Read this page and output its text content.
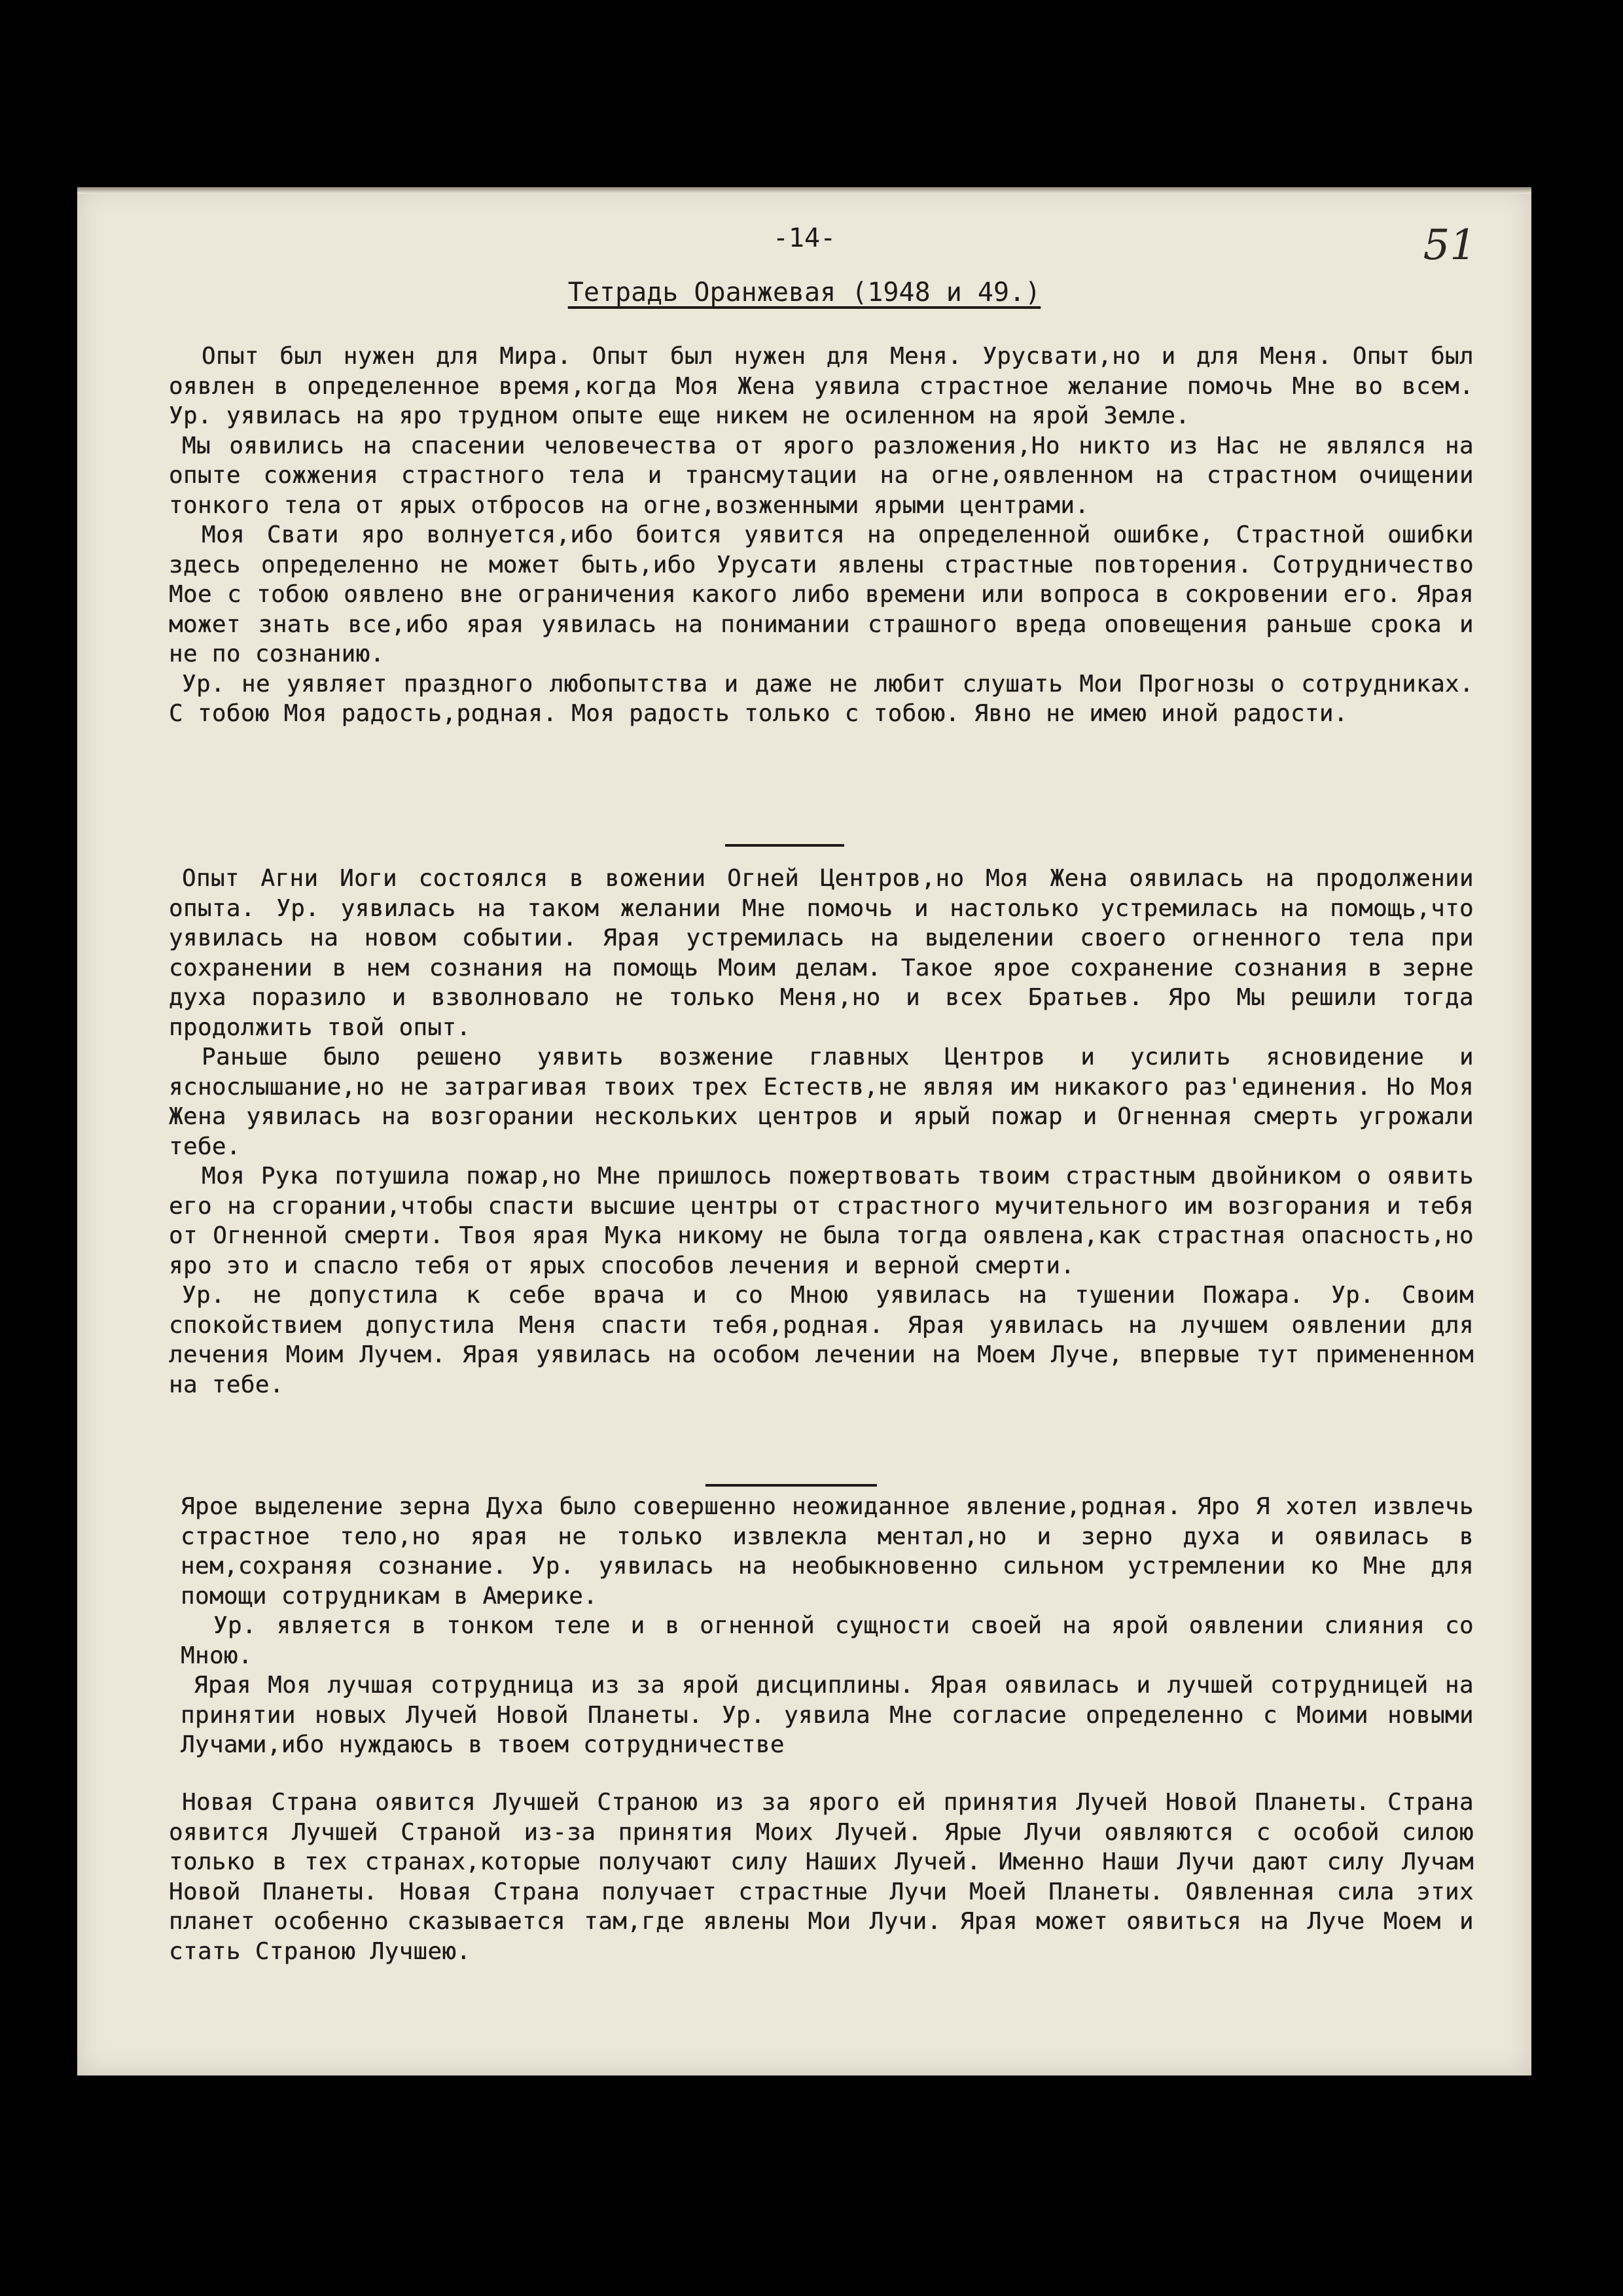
-14-	51
Тетрадь Оранжевая (1948 и 49.)

Опыт был нужен для Мира. Опыт был нужен для Меня. Урусвати,но и для Меня. Опыт был оявлен в определенное время,когда Моя Жена уявила страстное желание помочь Мне во всем. Ур. уявилась на яро трудном опыте еще никем не осиленном на ярой Земле.

Мы оявились на спасении человечества от ярого разложения,Но никто из Нас не являлся на опыте сожжения страстного тела и трансмутации на огне,оявленном на страстном очищении тонкого тела от ярых отбросов на огне,возженными ярыми центрами.

Моя Свати яро волнуется,ибо боится уявится на определенной ошибке, Страстной ошибки здесь определенно не может быть,ибо Урусати явлены страстные повторения. Сотрудничество Мое с тобою оявлено вне ограничения какого либо времени или вопроса в сокровении его. Ярая может знать все,ибо ярая уявилась на понимании страшного вреда оповещения раньше срока и не по сознанию.

Ур. не уявляет праздного любопытства и даже не любит слушать Мои Прогнозы о сотрудниках. С тобою Моя радость,родная. Моя радость только с тобою. Явно не имею иной радости.

Опыт Агни Иоги состоялся в вожении Огней Центров,но Моя Жена оявилась на продолжении опыта. Ур. уявилась на таком желании Мне помочь и настолько устремилась на помощь,что уявилась на новом событии. Ярая устремилась на выделении своего огненного тела при сохранении в нем сознания на помощь Моим делам. Такое ярое сохранение сознания в зерне духа поразило и взволновало не только Меня,но и всех Братьев. Яро Мы решили тогда продолжить твой опыт.

Раньше было решено уявить возжение главных Центров и усилить ясновидение и яснослышание,но не затрагивая твоих трех Естеств,не являя им никакого раз'единения. Но Моя Жена уявилась на возгорании нескольких центров и ярый пожар и Огненная смерть угрожали тебе.

Моя Рука потушила пожар,но Мне пришлось пожертвовать твоим страстным двойником о оявить его на сгорании,чтобы спасти высшие центры от страстного мучительного им возгорания и тебя от Огненной смерти. Твоя ярая Мука никому не была тогда оявлена,как страстная опасность,но яро это и спасло тебя от ярых способов лечения и верной смерти.

Ур. не допустила к себе врача и со Мною уявилась на тушении Пожара. Ур. Своим спокойствием допустила Меня спасти тебя,родная. Ярая уявилась на лучшем оявлении для лечения Моим Лучем. Ярая уявилась на особом лечении на Моем Луче, впервые тут примененном на тебе.

Ярое выделение зерна Духа было совершенно неожиданное явление,родная. Яро Я хотел извлечь страстное тело,но ярая не только извлекла ментал,но и зерно духа и оявилась в нем,сохраняя сознание. Ур. уявилась на необыкновенно сильном устремлении ко Мне для помощи сотрудникам в Америке.

Ур. является в тонком теле и в огненной сущности своей на ярой оявлении слияния со Мною.

Ярая Моя лучшая сотрудница из за ярой дисциплины. Ярая оявилась и лучшей сотрудницей на принятии новых Лучей Новой Планеты. Ур. уявила Мне согласие определенно с Моими новыми Лучами,ибо нуждаюсь в твоем сотрудничестве

Новая Страна оявится Лучшей Страною из за ярого ей принятия Лучей Новой Планеты. Страна оявится Лучшей Страной из-за принятия Моих Лучей. Ярые Лучи оявляются с особой силою только в тех странах,которые получают силу Наших Лучей. Именно Наши Лучи дают силу Лучам Новой Планеты. Новая Страна получает страстные Лучи Моей Планеты. Оявленная сила этих планет особенно сказывается там,где явлены Мои Лучи. Ярая может оявиться на Луче Моем и стать Страною Лучшею.
